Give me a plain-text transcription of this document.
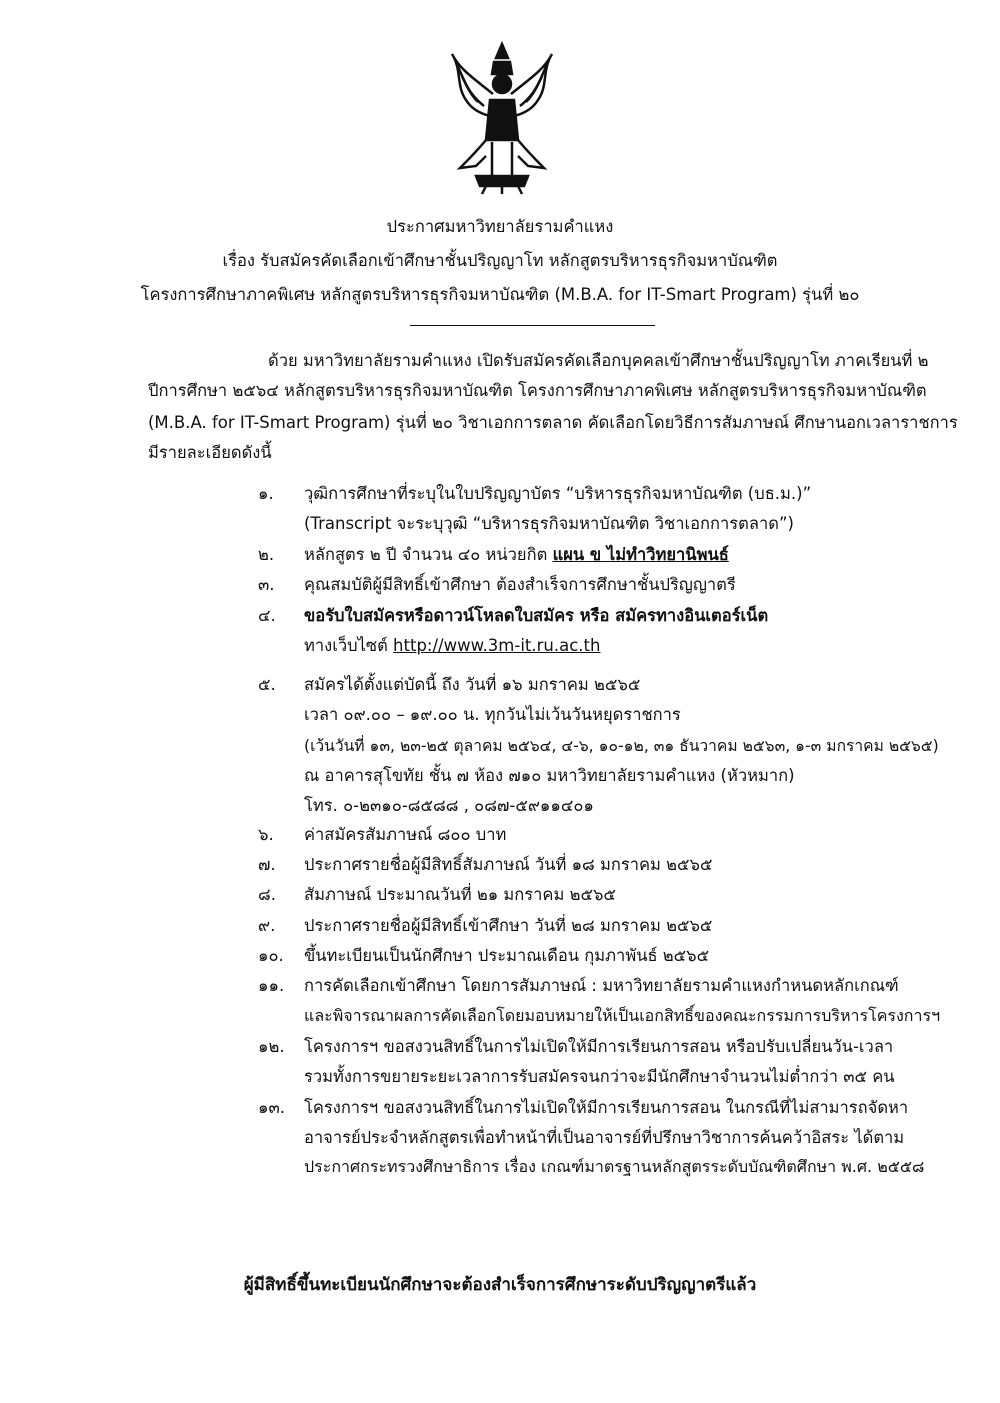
ประกาศมหาวิทยาลัยรามคำแหง
เรื่อง รับสมัครคัดเลือกเข้าศึกษาชั้นปริญญาโท หลักสูตรบริหารธุรกิจมหาบัณฑิต
โครงการศึกษาภาคพิเศษ หลักสูตรบริหารธุรกิจมหาบัณฑิต (M.B.A. for IT-Smart Program) รุ่นที่ ๒๐
ด้วย มหาวิทยาลัยรามคำแหง เปิดรับสมัครคัดเลือกบุคคลเข้าศึกษาชั้นปริญญาโท ภาคเรียนที่ ๒
ปีการศึกษา ๒๕๖๔ หลักสูตรบริหารธุรกิจมหาบัณฑิต โครงการศึกษาภาคพิเศษ หลักสูตรบริหารธุรกิจมหาบัณฑิต
(M.B.A. for IT-Smart Program) รุ่นที่ ๒๐ วิชาเอกการตลาด คัดเลือกโดยวิธีการสัมภาษณ์ ศึกษานอกเวลาราชการ
มีรายละเอียดดังนี้
๑.	วุฒิการศึกษาที่ระบุในใบปริญญาบัตร “บริหารธุรกิจมหาบัณฑิต (บธ.ม.)”
(Transcript จะระบุวุฒิ “บริหารธุรกิจมหาบัณฑิต วิชาเอกการตลาด”)
๒.	หลักสูตร ๒ ปี จำนวน ๔๐ หน่วยกิต แผน ข ไม่ทำวิทยานิพนธ์
๓.	คุณสมบัติผู้มีสิทธิ์เข้าศึกษา ต้องสำเร็จการศึกษาชั้นปริญญาตรี
๔.	ขอรับใบสมัครหรือดาวน์โหลดใบสมัคร หรือ สมัครทางอินเตอร์เน็ต
ทางเว็บไซต์ http://www.3m-it.ru.ac.th
๕.	สมัครได้ตั้งแต่บัดนี้ ถึง วันที่ ๑๖ มกราคม ๒๕๖๕
เวลา ๐๙.๐๐ – ๑๙.๐๐ น. ทุกวันไม่เว้นวันหยุดราชการ
(เว้นวันที่ ๑๓, ๒๓-๒๕ ตุลาคม ๒๕๖๔, ๔-๖, ๑๐-๑๒, ๓๑ ธันวาคม ๒๕๖๓, ๑-๓ มกราคม ๒๕๖๕)
ณ อาคารสุโขทัย ชั้น ๗ ห้อง ๗๑๐ มหาวิทยาลัยรามคำแหง (หัวหมาก)
โทร. ๐-๒๓๑๐-๘๕๘๘ , ๐๘๗-๕๙๑๑๔๐๑
๖.	ค่าสมัครสัมภาษณ์ ๘๐๐ บาท
๗.	ประกาศรายชื่อผู้มีสิทธิ์สัมภาษณ์ วันที่ ๑๘ มกราคม ๒๕๖๕
๘.	สัมภาษณ์ ประมาณวันที่ ๒๑ มกราคม ๒๕๖๕
๙.	ประกาศรายชื่อผู้มีสิทธิ์เข้าศึกษา วันที่ ๒๘ มกราคม ๒๕๖๕
๑๐.	ขึ้นทะเบียนเป็นนักศึกษา ประมาณเดือน กุมภาพันธ์ ๒๕๖๕
๑๑.	การคัดเลือกเข้าศึกษา โดยการสัมภาษณ์ : มหาวิทยาลัยรามคำแหงกำหนดหลักเกณฑ์
และพิจารณาผลการคัดเลือกโดยมอบหมายให้เป็นเอกสิทธิ์ของคณะกรรมการบริหารโครงการฯ
๑๒.	โครงการฯ ขอสงวนสิทธิ์ในการไม่เปิดให้มีการเรียนการสอน หรือปรับเปลี่ยนวัน-เวลา
รวมทั้งการขยายระยะเวลาการรับสมัครจนกว่าจะมีนักศึกษาจำนวนไม่ต่ำกว่า ๓๕ คน
๑๓.	โครงการฯ ขอสงวนสิทธิ์ในการไม่เปิดให้มีการเรียนการสอน ในกรณีที่ไม่สามารถจัดหา
อาจารย์ประจำหลักสูตรเพื่อทำหน้าที่เป็นอาจารย์ที่ปรึกษาวิชาการค้นคว้าอิสระ ได้ตาม
ประกาศกระทรวงศึกษาธิการ เรื่อง เกณฑ์มาตรฐานหลักสูตรระดับบัณฑิตศึกษา พ.ศ. ๒๕๕๘
ผู้มีสิทธิ์ขึ้นทะเบียนนักศึกษาจะต้องสำเร็จการศึกษาระดับปริญญาตรีแล้ว
